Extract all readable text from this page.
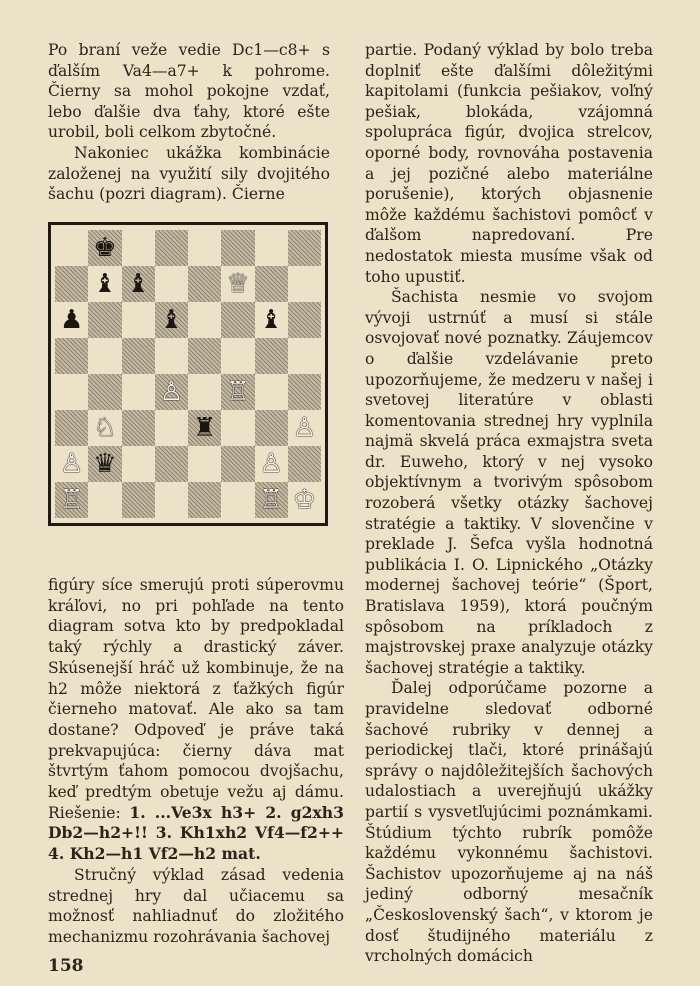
Po braní veže vedie Dc1—c8+ s ďalším Va4—a7+ k pohrome. Čierny sa mohol pokojne vzdať, lebo ďalšie dva ťahy, ktoré ešte urobil, boli celkom zbytočné.

Nakoniec ukážka kombinácie založenej na využití sily dvojitého šachu (pozri diagram). Čierne

♚
♝ ♝	♕
♟	♝	♝
♙ ♖
♘	♜	♙
♙ ♛	♙
♖	♖ ♔

figúry síce smerujú proti súperovmu kráľovi, no pri pohľade na tento diagram sotva kto by predpokladal taký rýchly a drastický záver. Skúsenejší hráč už kombinuje, že na h2 môže niektorá z ťažkých figúr čierneho matovať. Ale ako sa tam dostane? Odpoveď je práve taká prekvapujúca: čierny dáva mat štvrtým ťahom pomocou dvojšachu, keď predtým obetuje vežu aj dámu. Riešenie: 1. ...Ve3x h3+ 2. g2xh3 Db2—h2+!! 3. Kh1xh2 Vf4—f2++ 4. Kh2—h1 Vf2—h2 mat.

Stručný výklad zásad vedenia strednej hry dal učiacemu sa možnosť nahliadnuť do zložitého mechanizmu rozohrávania šachovej

partie. Podaný výklad by bolo treba doplniť ešte ďalšími dôležitými kapitolami (funkcia pešiakov, voľný pešiak, blokáda, vzájomná spolupráca figúr, dvojica strelcov, oporné body, rovnováha postavenia a jej pozičné alebo materiálne porušenie), ktorých objasnenie môže každému šachistovi pomôcť v ďalšom napredovaní. Pre nedostatok miesta musíme však od toho upustiť.

Šachista nesmie vo svojom vývoji ustrnúť a musí si stále osvojovať nové poznatky. Záujemcov o ďalšie vzdelávanie preto upozorňujeme, že medzeru v našej i svetovej literatúre v oblasti komentovania strednej hry vyplnila najmä skvelá práca exmajstra sveta dr. Euweho, ktorý v nej vysoko objektívnym a tvorivým spôsobom rozoberá všetky otázky šachovej stratégie a taktiky. V slovenčine v preklade J. Šefca vyšla hodnotná publikácia I. O. Lipnického „Otázky modernej šachovej teórie“ (Šport, Bratislava 1959), ktorá poučným spôsobom na príkladoch z majstrovskej praxe analyzuje otázky šachovej stratégie a taktiky.

Ďalej odporúčame pozorne a pravidelne sledovať odborné šachové rubriky v dennej a periodickej tlači, ktoré prinášajú správy o najdôležitejších šachových udalostiach a uverejňujú ukážky partií s vysvetľujúcimi poznámkami. Štúdium týchto rubrík pomôže každému vykonnému šachistovi. Šachistov upozorňujeme aj na náš jediný odborný mesačník „Československý šach“, v ktorom je dosť študijného materiálu z vrcholných domácich

158
